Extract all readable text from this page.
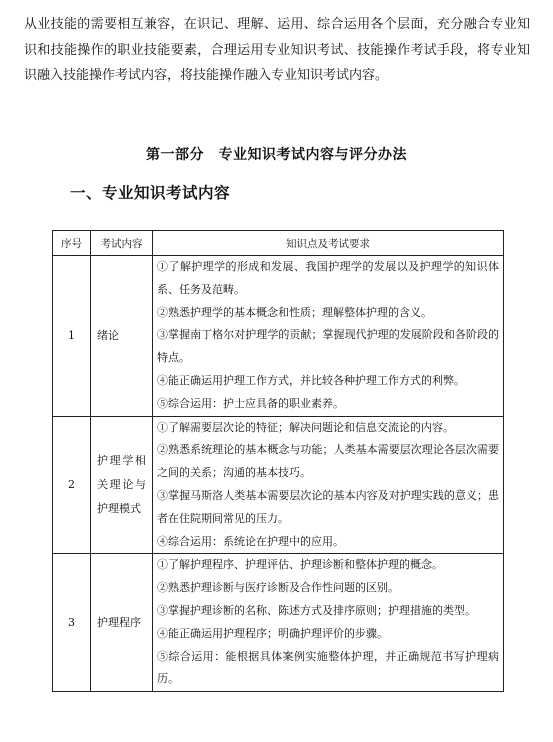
从业技能的需要相互兼容，在识记、理解、运用、综合运用各个层面，充分融合专业知识和技能操作的职业技能要素，合理运用专业知识考试、技能操作考试手段，将专业知识融入技能操作考试内容，将技能操作融入专业知识考试内容。

第一部分　专业知识考试内容与评分办法
一、专业知识考试内容
序号	考试内容	知识点及考试要求
1	绪论	①了解护理学的形成和发展、我国护理学的发展以及护理学的知识体系、任务及范畴。
②熟悉护理学的基本概念和性质；理解整体护理的含义。
③掌握南丁格尔对护理学的贡献；掌握现代护理的发展阶段和各阶段的特点。
④能正确运用护理工作方式，并比较各种护理工作方式的利弊。
⑤综合运用：护士应具备的职业素养。

2	护理学相关理论与护理模式	①了解需要层次论的特征；解决问题论和信息交流论的内容。
②熟悉系统理论的基本概念与功能；人类基本需要层次理论各层次需要之间的关系；沟通的基本技巧。
③掌握马斯洛人类基本需要层次论的基本内容及对护理实践的意义；患者在住院期间常见的压力。
④综合运用：系统论在护理中的应用。

3	护理程序	①了解护理程序、护理评估、护理诊断和整体护理的概念。
②熟悉护理诊断与医疗诊断及合作性问题的区别。
③掌握护理诊断的名称、陈述方式及排序原则；护理措施的类型。
④能正确运用护理程序；明确护理评价的步骤。
⑤综合运用：能根据具体案例实施整体护理，并正确规范书写护理病历。
